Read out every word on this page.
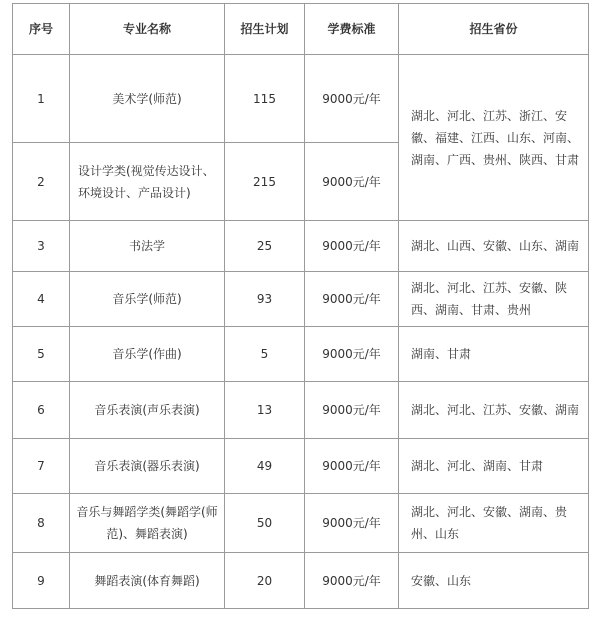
序号	专业名称	招生计划	学费标准	招生省份
1	美术学(师范)	115	9000元/年	湖北、河北、江苏、浙江、安徽、福建、江西、山东、河南、湖南、广西、贵州、陕西、甘肃
2	设计学类(视觉传达设计、环境设计、产品设计)	215	9000元/年	
3	书法学	25	9000元/年	湖北、山西、安徽、山东、湖南
4	音乐学(师范)	93	9000元/年	湖北、河北、江苏、安徽、陕西、湖南、甘肃、贵州
5	音乐学(作曲)	5	9000元/年	湖南、甘肃
6	音乐表演(声乐表演)	13	9000元/年	湖北、河北、江苏、安徽、湖南
7	音乐表演(器乐表演)	49	9000元/年	湖北、河北、湖南、甘肃
8	音乐与舞蹈学类(舞蹈学(师范)、舞蹈表演)	50	9000元/年	湖北、河北、安徽、湖南、贵州、山东
9	舞蹈表演(体育舞蹈)	20	9000元/年	安徽、山东
